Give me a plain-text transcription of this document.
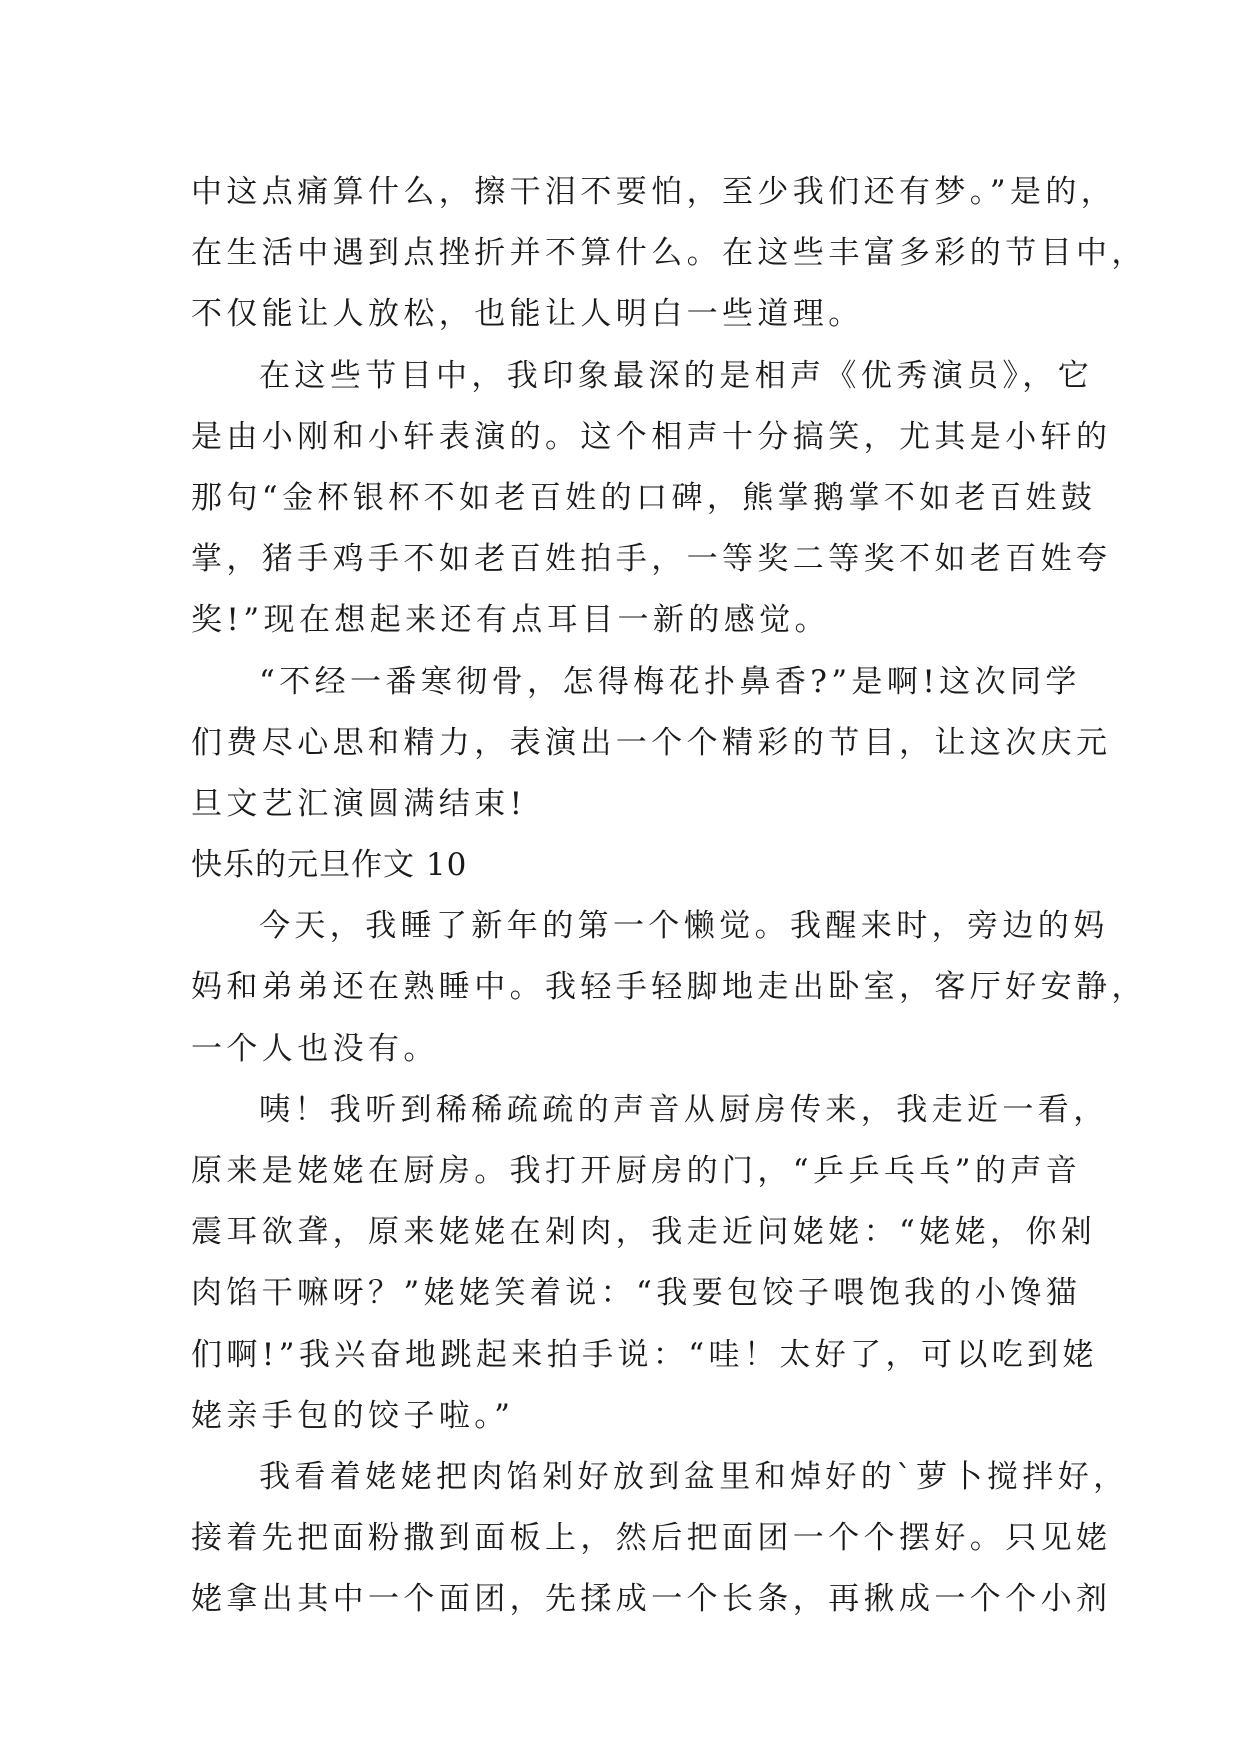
中这点痛算什么，擦干泪不要怕，至少我们还有梦。”是的，
在生活中遇到点挫折并不算什么。在这些丰富多彩的节目中，
不仅能让人放松，也能让人明白一些道理。
在这些节目中，我印象最深的是相声《优秀演员》，它
是由小刚和小轩表演的。这个相声十分搞笑，尤其是小轩的
那句“金杯银杯不如老百姓的口碑，熊掌鹅掌不如老百姓鼓
掌，猪手鸡手不如老百姓拍手，一等奖二等奖不如老百姓夸
奖!”现在想起来还有点耳目一新的感觉。
“不经一番寒彻骨，怎得梅花扑鼻香?”是啊!这次同学
们费尽心思和精力，表演出一个个精彩的节目，让这次庆元
旦文艺汇演圆满结束!
快乐的元旦作文 10
今天，我睡了新年的第一个懒觉。我醒来时，旁边的妈
妈和弟弟还在熟睡中。我轻手轻脚地走出卧室，客厅好安静，
一个人也没有。
咦！我听到稀稀疏疏的声音从厨房传来，我走近一看，
原来是姥姥在厨房。我打开厨房的门，“乒乒乓乓”的声音
震耳欲聋，原来姥姥在剁肉，我走近问姥姥：“姥姥，你剁
肉馅干嘛呀？”姥姥笑着说：“我要包饺子喂饱我的小馋猫
们啊!”我兴奋地跳起来拍手说：“哇！太好了，可以吃到姥
姥亲手包的饺子啦。”
我看着姥姥把肉馅剁好放到盆里和焯好的`萝卜搅拌好，
接着先把面粉撒到面板上，然后把面团一个个摆好。只见姥
姥拿出其中一个面团，先揉成一个长条，再揪成一个个小剂
